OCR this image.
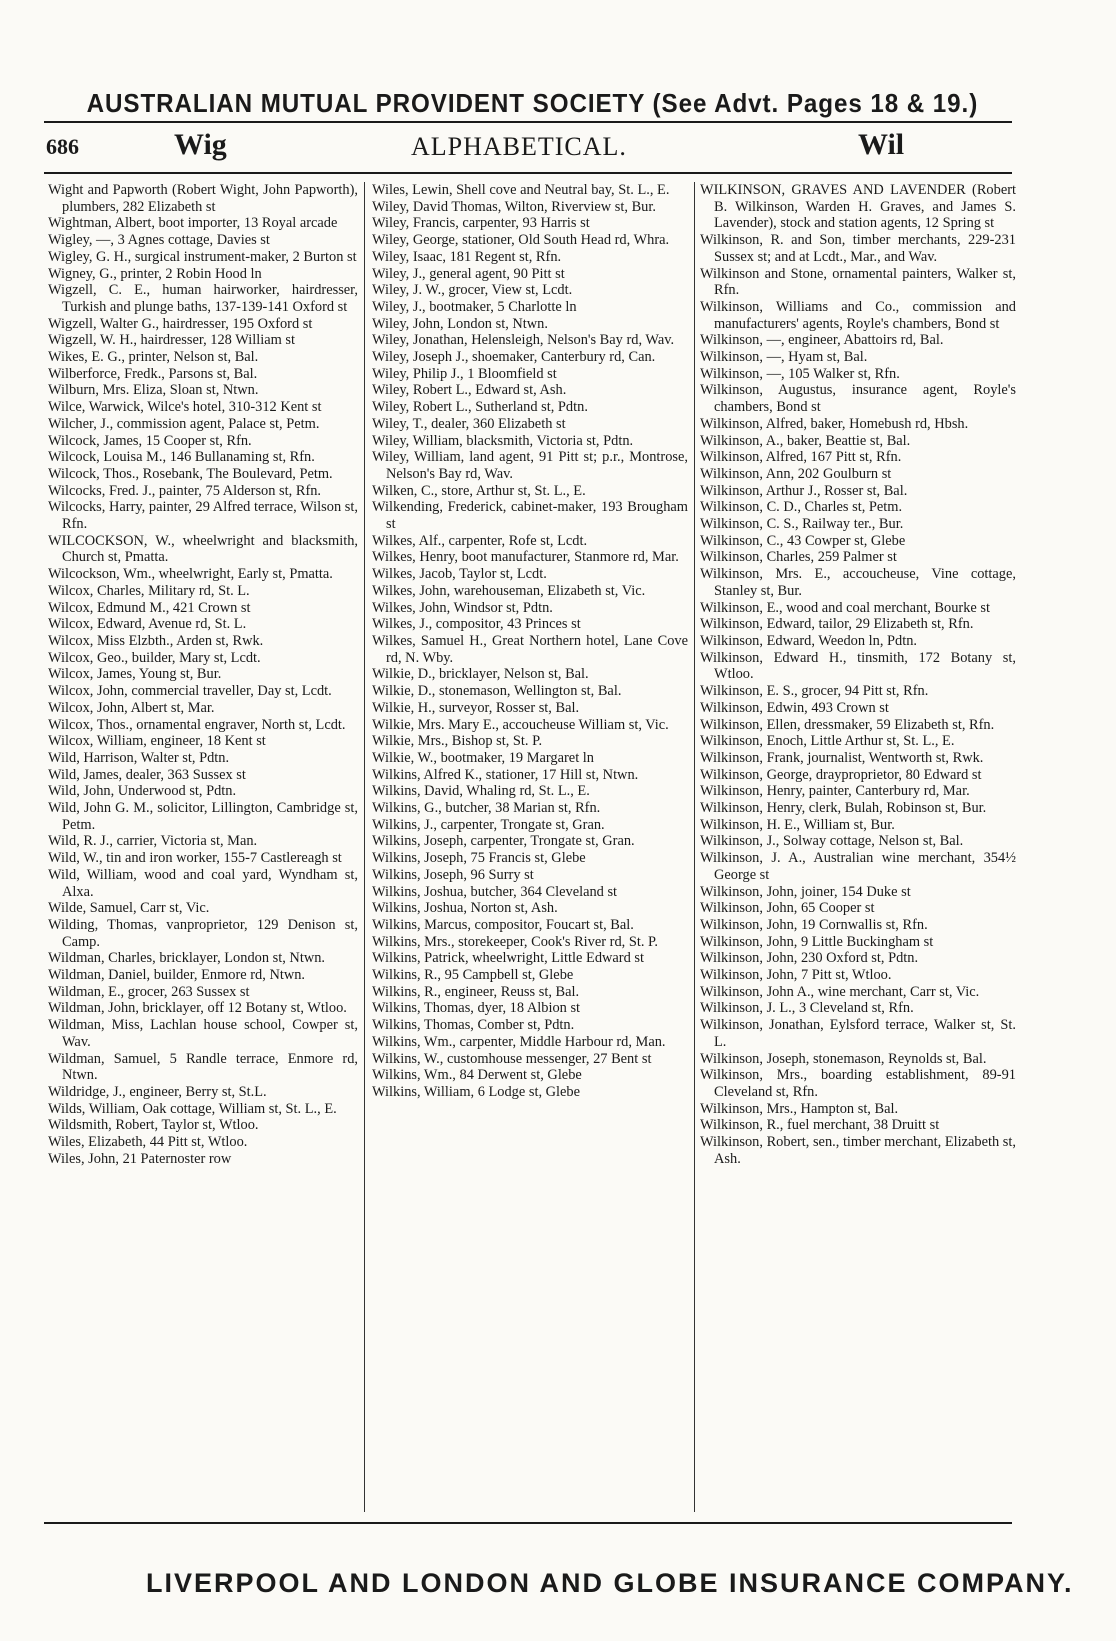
AUSTRALIAN MUTUAL PROVIDENT SOCIETY (See Advt. Pages 18 & 19.)
686	Wig	ALPHABETICAL.	Wil
Wight and Papworth (Robert Wight, John Papworth), plumbers, 282 Elizabeth st
Wightman, Albert, boot importer, 13 Royal arcade
Wigley, —, 3 Agnes cottage, Davies st
Wigley, G. H., surgical instrument-maker, 2 Burton st
Wigney, G., printer, 2 Robin Hood ln
Wigzell, C. E., human hairworker, hairdresser, Turkish and plunge baths, 137-139-141 Oxford st
Wigzell, Walter G., hairdresser, 195 Oxford st
Wigzell, W. H., hairdresser, 128 William st
Wikes, E. G., printer, Nelson st, Bal.
Wilberforce, Fredk., Parsons st, Bal.
Wilburn, Mrs. Eliza, Sloan st, Ntwn.
Wilce, Warwick, Wilce's hotel, 310-312 Kent st
Wilcher, J., commission agent, Palace st, Petm.
Wilcock, James, 15 Cooper st, Rfn.
Wilcock, Louisa M., 146 Bullanaming st, Rfn.
Wilcock, Thos., Rosebank, The Boulevard, Petm.
Wilcocks, Fred. J., painter, 75 Alderson st, Rfn.
Wilcocks, Harry, painter, 29 Alfred terrace, Wilson st, Rfn.
WILCOCKSON, W., wheelwright and blacksmith, Church st, Pmatta.
Wilcockson, Wm., wheelwright, Early st, Pmatta.
Wilcox, Charles, Military rd, St. L.
Wilcox, Edmund M., 421 Crown st
Wilcox, Edward, Avenue rd, St. L.
Wilcox, Miss Elzbth., Arden st, Rwk.
Wilcox, Geo., builder, Mary st, Lcdt.
Wilcox, James, Young st, Bur.
Wilcox, John, commercial traveller, Day st, Lcdt.
Wilcox, John, Albert st, Mar.
Wilcox, Thos., ornamental engraver, North st, Lcdt.
Wilcox, William, engineer, 18 Kent st
Wild, Harrison, Walter st, Pdtn.
Wild, James, dealer, 363 Sussex st
Wild, John, Underwood st, Pdtn.
Wild, John G. M., solicitor, Lillington, Cambridge st, Petm.
Wild, R. J., carrier, Victoria st, Man.
Wild, W., tin and iron worker, 155-7 Castlereagh st
Wild, William, wood and coal yard, Wyndham st, Alxa.
Wilde, Samuel, Carr st, Vic.
Wilding, Thomas, vanproprietor, 129 Denison st, Camp.
Wildman, Charles, bricklayer, London st, Ntwn.
Wildman, Daniel, builder, Enmore rd, Ntwn.
Wildman, E., grocer, 263 Sussex st
Wildman, John, bricklayer, off 12 Botany st, Wtloo.
Wildman, Miss, Lachlan house school, Cowper st, Wav.
Wildman, Samuel, 5 Randle terrace, Enmore rd, Ntwn.
Wildridge, J., engineer, Berry st, St.L.
Wilds, William, Oak cottage, William st, St. L., E.
Wildsmith, Robert, Taylor st, Wtloo.
Wiles, Elizabeth, 44 Pitt st, Wtloo.
Wiles, John, 21 Paternoster row
Wiles, Lewin, Shell cove and Neutral bay, St. L., E.
Wiley, David Thomas, Wilton, Riverview st, Bur.
Wiley, Francis, carpenter, 93 Harris st
Wiley, George, stationer, Old South Head rd, Whra.
Wiley, Isaac, 181 Regent st, Rfn.
Wiley, J., general agent, 90 Pitt st
Wiley, J. W., grocer, View st, Lcdt.
Wiley, J., bootmaker, 5 Charlotte ln
Wiley, John, London st, Ntwn.
Wiley, Jonathan, Helensleigh, Nelson's Bay rd, Wav.
Wiley, Joseph J., shoemaker, Canterbury rd, Can.
Wiley, Philip J., 1 Bloomfield st
Wiley, Robert L., Edward st, Ash.
Wiley, Robert L., Sutherland st, Pdtn.
Wiley, T., dealer, 360 Elizabeth st
Wiley, William, blacksmith, Victoria st, Pdtn.
Wiley, William, land agent, 91 Pitt st; p.r., Montrose, Nelson's Bay rd, Wav.
Wilken, C., store, Arthur st, St. L., E.
Wilkending, Frederick, cabinet-maker, 193 Brougham st
Wilkes, Alf., carpenter, Rofe st, Lcdt.
Wilkes, Henry, boot manufacturer, Stanmore rd, Mar.
Wilkes, Jacob, Taylor st, Lcdt.
Wilkes, John, warehouseman, Elizabeth st, Vic.
Wilkes, John, Windsor st, Pdtn.
Wilkes, J., compositor, 43 Princes st
Wilkes, Samuel H., Great Northern hotel, Lane Cove rd, N. Wby.
Wilkie, D., bricklayer, Nelson st, Bal.
Wilkie, D., stonemason, Wellington st, Bal.
Wilkie, H., surveyor, Rosser st, Bal.
Wilkie, Mrs. Mary E., accoucheuse William st, Vic.
Wilkie, Mrs., Bishop st, St. P.
Wilkie, W., bootmaker, 19 Margaret ln
Wilkins, Alfred K., stationer, 17 Hill st, Ntwn.
Wilkins, David, Whaling rd, St. L., E.
Wilkins, G., butcher, 38 Marian st, Rfn.
Wilkins, J., carpenter, Trongate st, Gran.
Wilkins, Joseph, carpenter, Trongate st, Gran.
Wilkins, Joseph, 75 Francis st, Glebe
Wilkins, Joseph, 96 Surry st
Wilkins, Joshua, butcher, 364 Cleveland st
Wilkins, Joshua, Norton st, Ash.
Wilkins, Marcus, compositor, Foucart st, Bal.
Wilkins, Mrs., storekeeper, Cook's River rd, St. P.
Wilkins, Patrick, wheelwright, Little Edward st
Wilkins, R., 95 Campbell st, Glebe
Wilkins, R., engineer, Reuss st, Bal.
Wilkins, Thomas, dyer, 18 Albion st
Wilkins, Thomas, Comber st, Pdtn.
Wilkins, Wm., carpenter, Middle Harbour rd, Man.
Wilkins, W., customhouse messenger, 27 Bent st
Wilkins, Wm., 84 Derwent st, Glebe
Wilkins, William, 6 Lodge st, Glebe
WILKINSON, GRAVES AND LAVENDER (Robert B. Wilkinson, Warden H. Graves, and James S. Lavender), stock and station agents, 12 Spring st
Wilkinson, R. and Son, timber merchants, 229-231 Sussex st; and at Lcdt., Mar., and Wav.
Wilkinson and Stone, ornamental painters, Walker st, Rfn.
Wilkinson, Williams and Co., commission and manufacturers' agents, Royle's chambers, Bond st
Wilkinson, —, engineer, Abattoirs rd, Bal.
Wilkinson, —, Hyam st, Bal.
Wilkinson, —, 105 Walker st, Rfn.
Wilkinson, Augustus, insurance agent, Royle's chambers, Bond st
Wilkinson, Alfred, baker, Homebush rd, Hbsh.
Wilkinson, A., baker, Beattie st, Bal.
Wilkinson, Alfred, 167 Pitt st, Rfn.
Wilkinson, Ann, 202 Goulburn st
Wilkinson, Arthur J., Rosser st, Bal.
Wilkinson, C. D., Charles st, Petm.
Wilkinson, C. S., Railway ter., Bur.
Wilkinson, C., 43 Cowper st, Glebe
Wilkinson, Charles, 259 Palmer st
Wilkinson, Mrs. E., accoucheuse, Vine cottage, Stanley st, Bur.
Wilkinson, E., wood and coal merchant, Bourke st
Wilkinson, Edward, tailor, 29 Elizabeth st, Rfn.
Wilkinson, Edward, Weedon ln, Pdtn.
Wilkinson, Edward H., tinsmith, 172 Botany st, Wtloo.
Wilkinson, E. S., grocer, 94 Pitt st, Rfn.
Wilkinson, Edwin, 493 Crown st
Wilkinson, Ellen, dressmaker, 59 Elizabeth st, Rfn.
Wilkinson, Enoch, Little Arthur st, St. L., E.
Wilkinson, Frank, journalist, Wentworth st, Rwk.
Wilkinson, George, drayproprietor, 80 Edward st
Wilkinson, Henry, painter, Canterbury rd, Mar.
Wilkinson, Henry, clerk, Bulah, Robinson st, Bur.
Wilkinson, H. E., William st, Bur.
Wilkinson, J., Solway cottage, Nelson st, Bal.
Wilkinson, J. A., Australian wine merchant, 354½ George st
Wilkinson, John, joiner, 154 Duke st
Wilkinson, John, 65 Cooper st
Wilkinson, John, 19 Cornwallis st, Rfn.
Wilkinson, John, 9 Little Buckingham st
Wilkinson, John, 230 Oxford st, Pdtn.
Wilkinson, John, 7 Pitt st, Wtloo.
Wilkinson, John A., wine merchant, Carr st, Vic.
Wilkinson, J. L., 3 Cleveland st, Rfn.
Wilkinson, Jonathan, Eylsford terrace, Walker st, St. L.
Wilkinson, Joseph, stonemason, Reynolds st, Bal.
Wilkinson, Mrs., boarding establishment, 89-91 Cleveland st, Rfn.
Wilkinson, Mrs., Hampton st, Bal.
Wilkinson, R., fuel merchant, 38 Druitt st
Wilkinson, Robert, sen., timber merchant, Elizabeth st, Ash.
LIVERPOOL AND LONDON AND GLOBE INSURANCE COMPANY.
